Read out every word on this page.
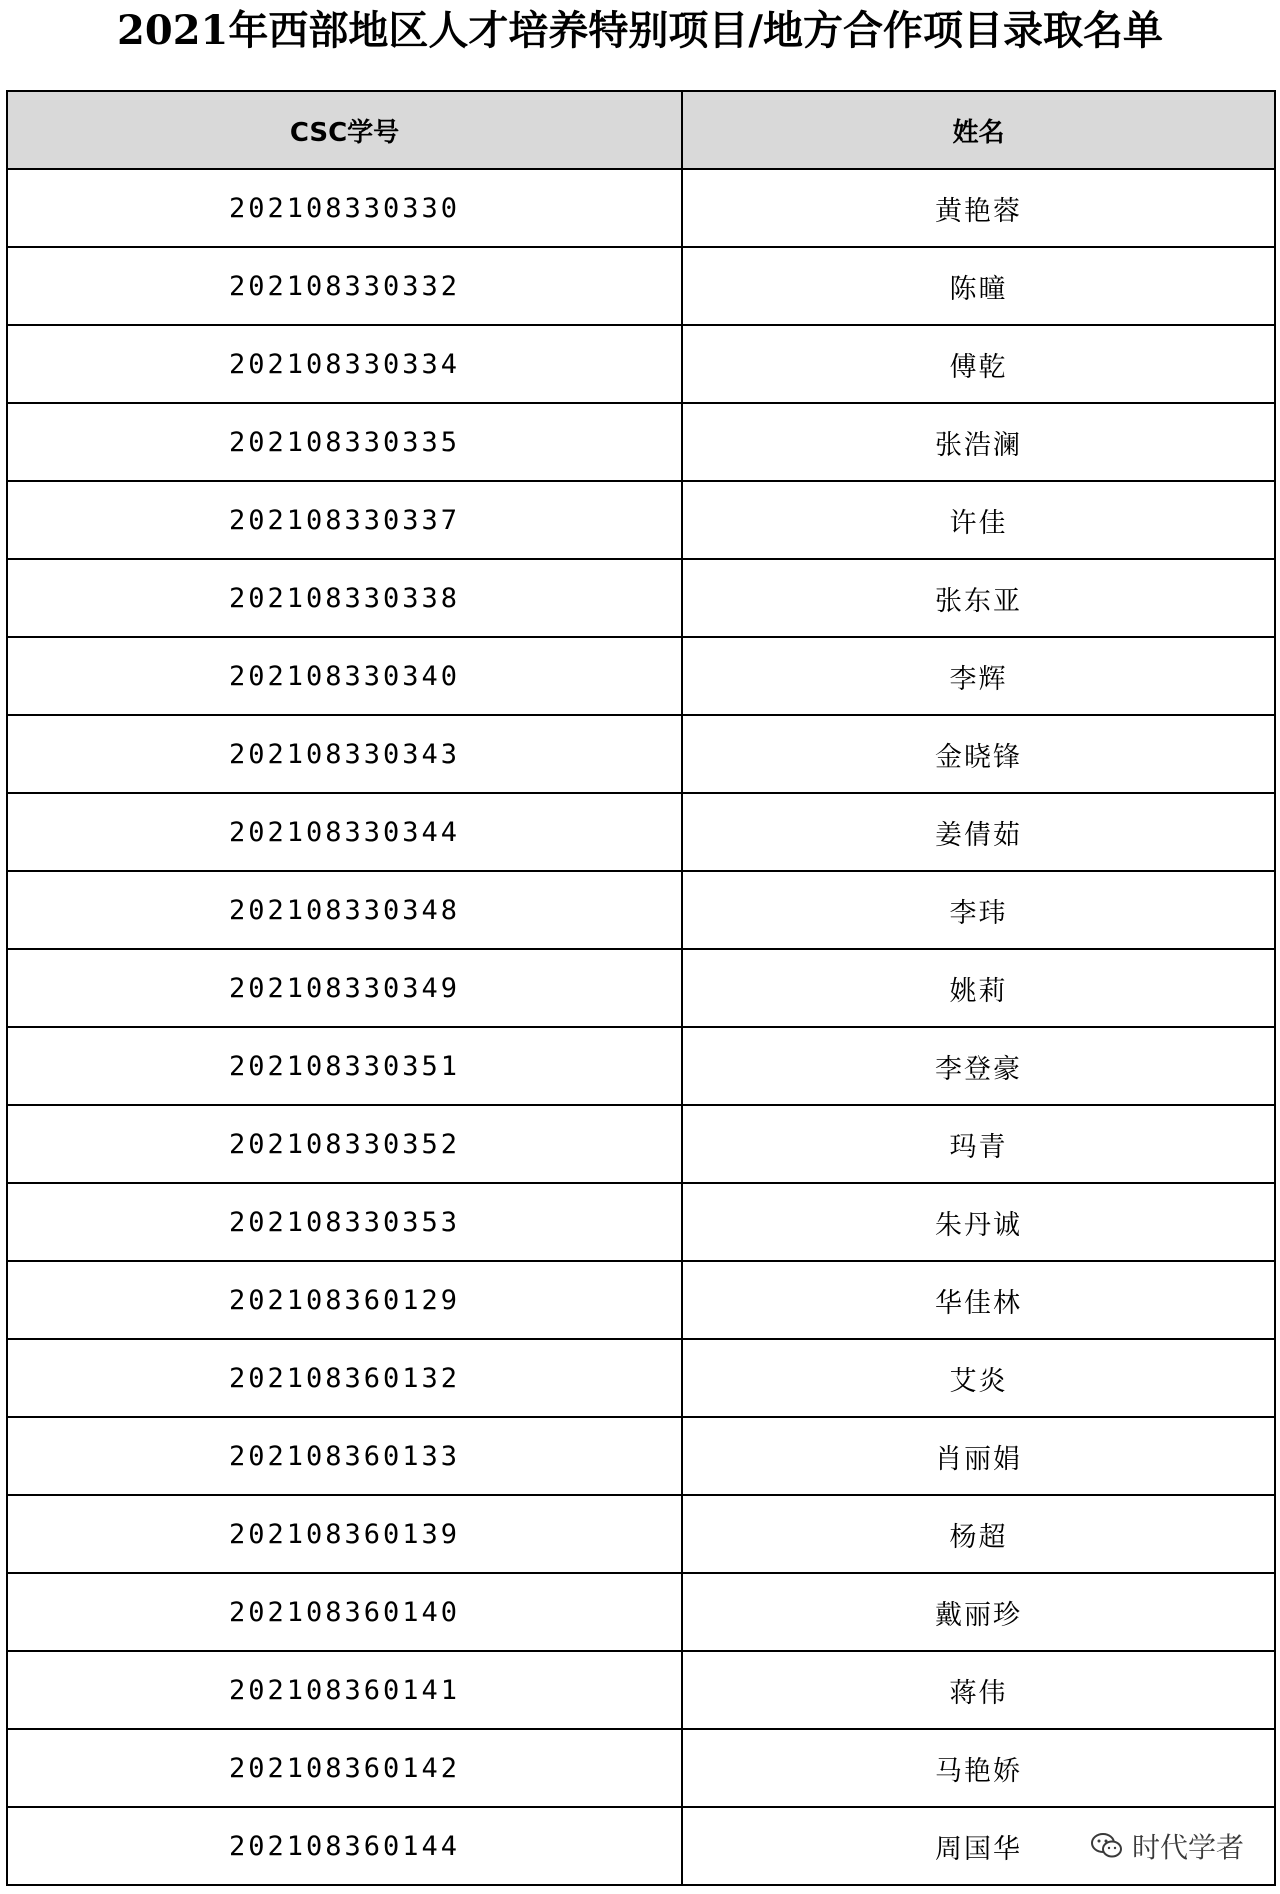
2021年西部地区人才培养特别项目/地方合作项目录取名单
CSC学号	姓名
202108330330	黄艳蓉
202108330332	陈曈
202108330334	傅乾
202108330335	张浩澜
202108330337	许佳
202108330338	张东亚
202108330340	李辉
202108330343	金晓锋
202108330344	姜倩茹
202108330348	李玮
202108330349	姚莉
202108330351	李登豪
202108330352	玛青
202108330353	朱丹诚
202108360129	华佳林
202108360132	艾炎
202108360133	肖丽娟
202108360139	杨超
202108360140	戴丽珍
202108360141	蒋伟
202108360142	马艳娇
202108360144	周国华	时代学者
